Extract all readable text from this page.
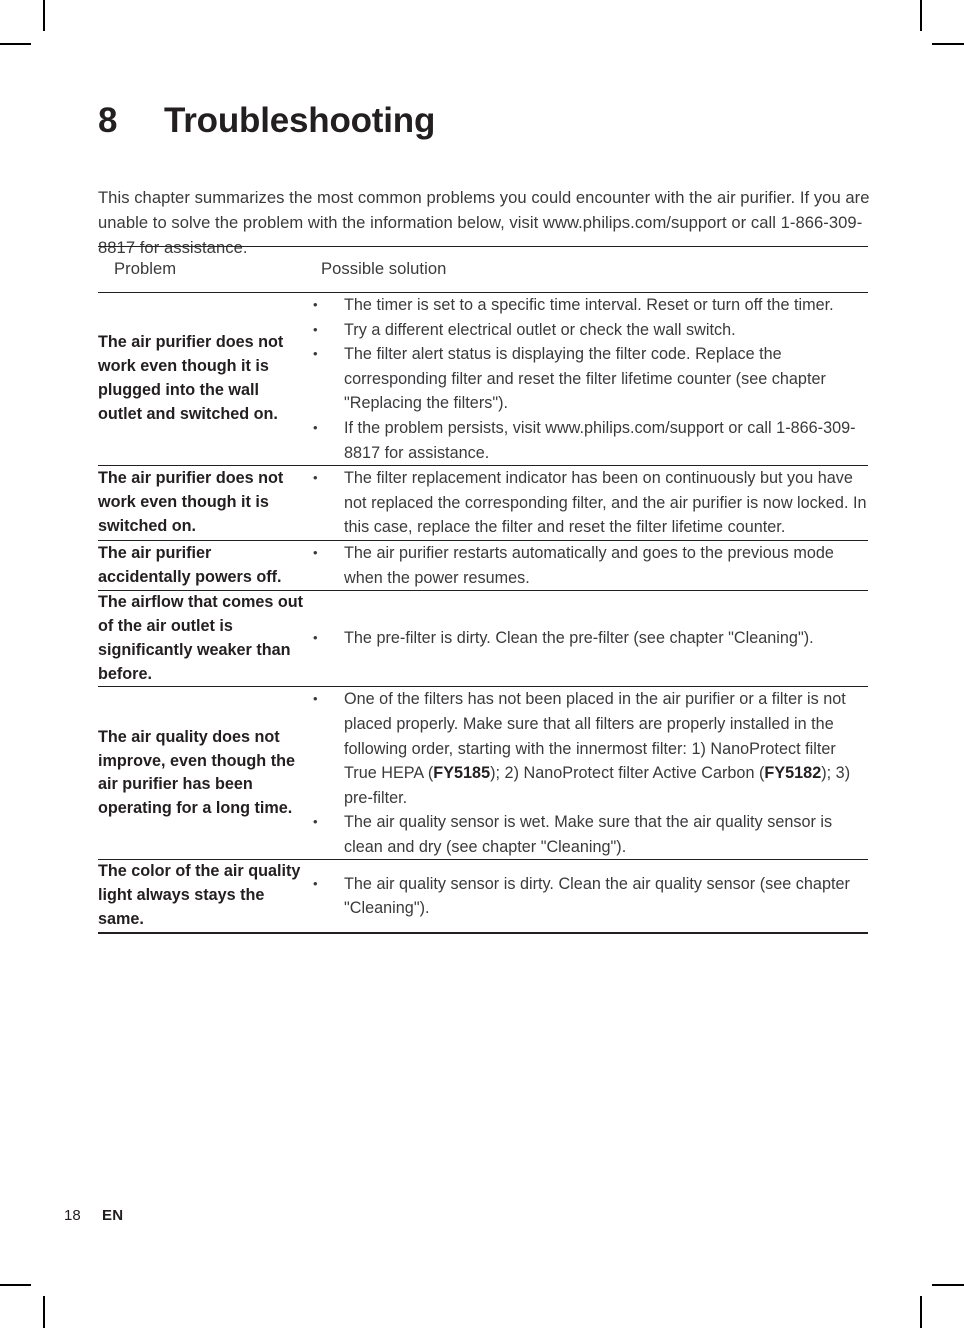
8	Troubleshooting

This chapter summarizes the most common problems you could encounter with the air purifier. If you are unable to solve the problem with the information below, visit www.philips.com/support or call 1-866-309-8817 for assistance.

Problem	Possible solution
The air purifier does not work even though it is plugged into the wall outlet and switched on.	
• The timer is set to a specific time interval. Reset or turn off the timer.
• Try a different electrical outlet or check the wall switch.
• The filter alert status is displaying the filter code. Replace the corresponding filter and reset the filter lifetime counter (see chapter "Replacing the filters").
• If the problem persists, visit www.philips.com/support or call 1-866-309-8817 for assistance.

The air purifier does not work even though it is switched on.	
• The filter replacement indicator has been on continuously but you have not replaced the corresponding filter, and the air purifier is now locked. In this case, replace the filter and reset the filter lifetime counter.

The air purifier accidentally powers off.	
• The air purifier restarts automatically and goes to the previous mode when the power resumes.

The airflow that comes out of the air outlet is significantly weaker than before.	
• The pre-filter is dirty. Clean the pre-filter (see chapter "Cleaning").

The air quality does not improve, even though the air purifier has been operating for a long time.	
• One of the filters has not been placed in the air purifier or a filter is not placed properly. Make sure that all filters are properly installed in the following order, starting with the innermost filter: 1) NanoProtect filter True HEPA (FY5185); 2) NanoProtect filter Active Carbon (FY5182); 3) pre-filter.
• The air quality sensor is wet. Make sure that the air quality sensor is clean and dry (see chapter "Cleaning").

The color of the air quality light always stays the same.	
• The air quality sensor is dirty. Clean the air quality sensor (see chapter "Cleaning").
18	EN
